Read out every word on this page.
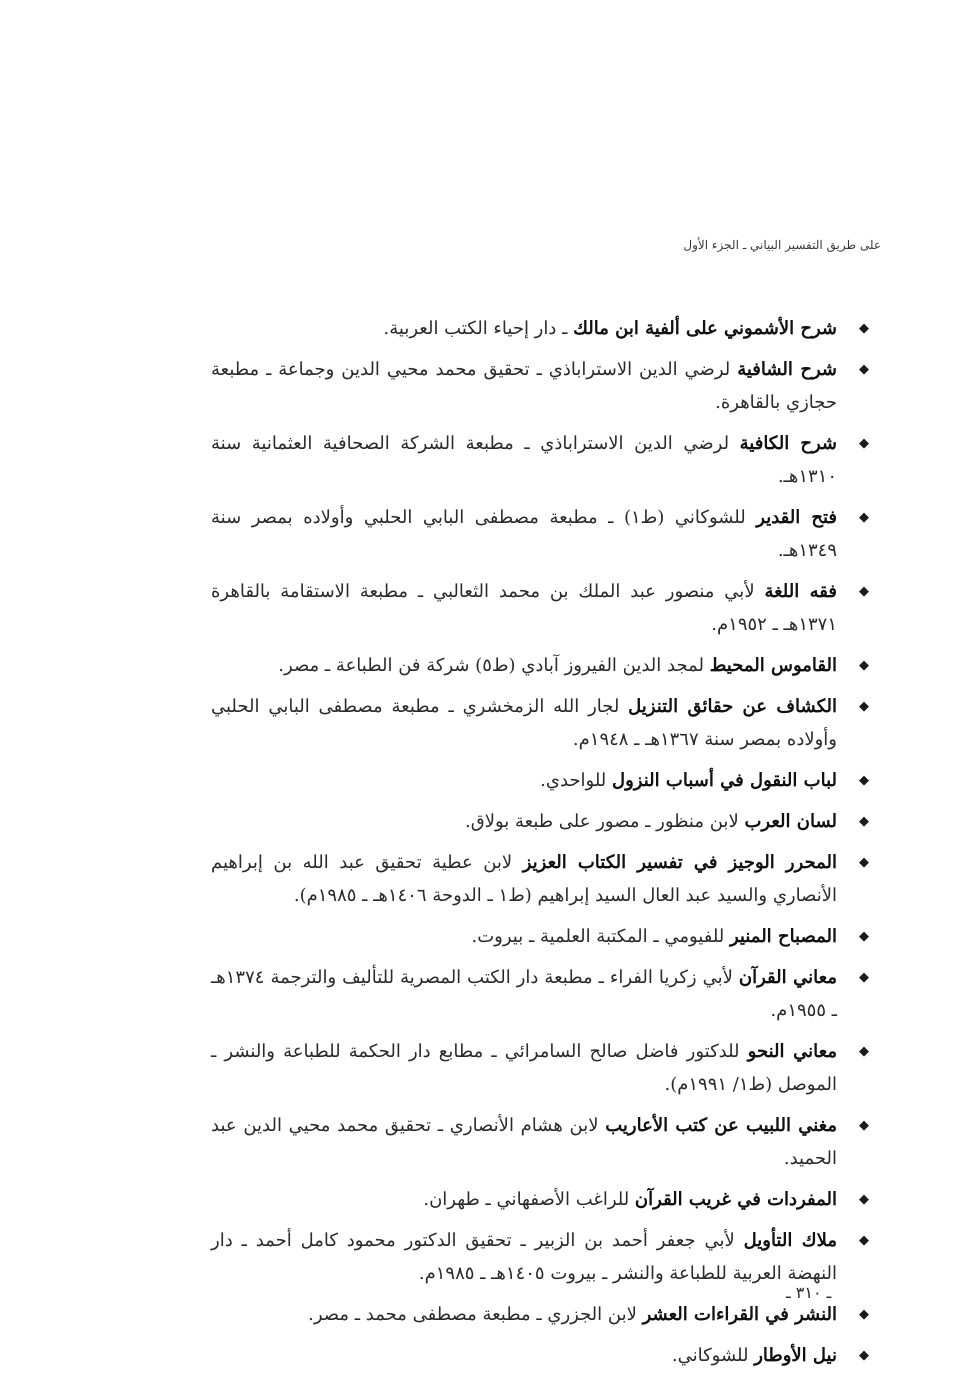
على طريق التفسير البياني ـ الجزء الأول
◆
شرح الأشموني على ألفية ابن مالك ـ دار إحياء الكتب العربية.
◆
شرح الشافية لرضي الدين الاستراباذي ـ تحقيق محمد محيي الدين وجماعة ـ مطبعة حجازي بالقاهرة.
◆
شرح الكافية لرضي الدين الاستراباذي ـ مطبعة الشركة الصحافية العثمانية سنة ١٣١٠هـ.
◆
فتح القدير للشوكاني (ط١) ـ مطبعة مصطفى البابي الحلبي وأولاده بمصر سنة ١٣٤٩هـ.
◆
فقه اللغة لأبي منصور عبد الملك بن محمد الثعالبي ـ مطبعة الاستقامة بالقاهرة ١٣٧١هـ ـ ١٩٥٢م.
◆
القاموس المحيط لمجد الدين الفيروز آبادي (ط٥) شركة فن الطباعة ـ مصر.
◆
الكشاف عن حقائق التنزيل لجار الله الزمخشري ـ مطبعة مصطفى البابي الحلبي وأولاده بمصر سنة ١٣٦٧هـ ـ ١٩٤٨م.
◆
لباب النقول في أسباب النزول للواحدي.
◆
لسان العرب لابن منظور ـ مصور على طبعة بولاق.
◆
المحرر الوجيز في تفسير الكتاب العزيز لابن عطية تحقيق عبد الله بن إبراهيم الأنصاري والسيد عبد العال السيد إبراهيم (ط١ ـ الدوحة ١٤٠٦هـ ـ ١٩٨٥م).
◆
المصباح المنير للفيومي ـ المكتبة العلمية ـ بيروت.
◆
معاني القرآن لأبي زكريا الفراء ـ مطبعة دار الكتب المصرية للتأليف والترجمة ١٣٧٤هـ ـ ١٩٥٥م.
◆
معاني النحو للدكتور فاضل صالح السامرائي ـ مطابع دار الحكمة للطباعة والنشر ـ الموصل (ط١/ ١٩٩١م).
◆
مغني اللبيب عن كتب الأعاريب لابن هشام الأنصاري ـ تحقيق محمد محيي الدين عبد الحميد.
◆
المفردات في غريب القرآن للراغب الأصفهاني ـ طهران.
◆
ملاك التأويل لأبي جعفر أحمد بن الزبير ـ تحقيق الدكتور محمود كامل أحمد ـ دار النهضة العربية للطباعة والنشر ـ بيروت ١٤٠٥هـ ـ ١٩٨٥م.
◆
النشر في القراءات العشر لابن الجزري ـ مطبعة مصطفى محمد ـ مصر.
◆
نيل الأوطار للشوكاني.
ـ ٣١٠ ـ
